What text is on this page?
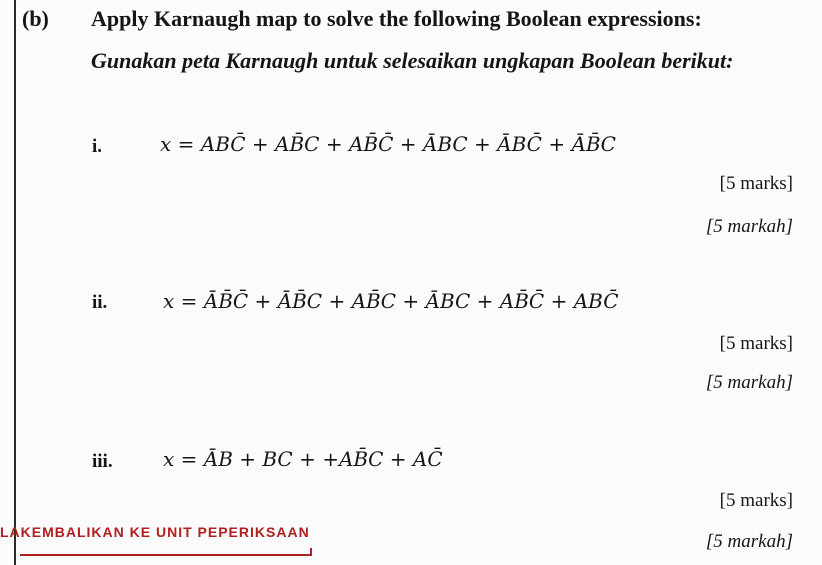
(b) Apply Karnaugh map to solve the following Boolean expressions:
Gunakan peta Karnaugh untuk selesaikan ungkapan Boolean berikut:
i.	x = ABC̄ + AB̄C + AB̄C̄ + ĀBC + ĀBC̄ + ĀB̄C
[5 marks]
[5 markah]
ii.	x = ĀB̄C̄ + ĀB̄C + AB̄C + ĀBC + AB̄C̄ + ABC̄
[5 marks]
[5 markah]
iii.	x = ĀB + BC + +AB̄C + AC̄
[5 marks]
[5 markah]
LAKEMBALIKAN KE UNIT PEPERIKSAAN
